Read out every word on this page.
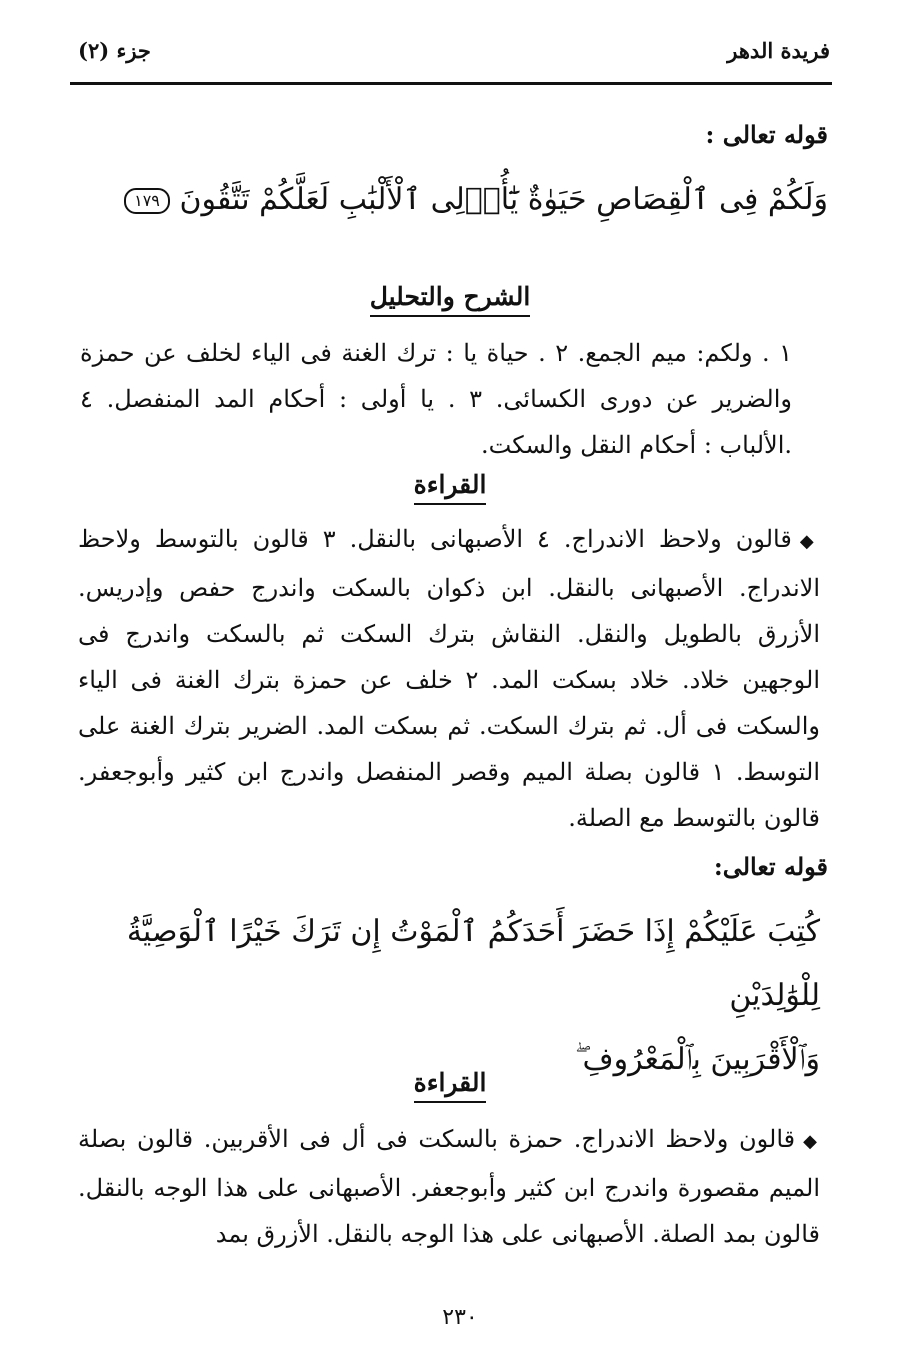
فريدة الدهر
جزء (٢)
قوله تعالى :
وَلَكُمْ فِى ٱلْقِصَاصِ حَيَوٰةٌ يَٰٓأُو۟لِى ٱلْأَلْبَٰبِ لَعَلَّكُمْ تَتَّقُونَ ١٧٩
الشرح والتحليل
١ . ولكم: ميم الجمع. ٢ . حياة يا : ترك الغنة فى الياء لخلف عن حمزة والضرير عن دورى الكسائى. ٣ . يا أولى : أحكام المد المنفصل. ٤ .الألباب : أحكام النقل والسكت.
القراءة
◆قالون ولاحظ الاندراج. ٤ الأصبهانى بالنقل. ٣ قالون بالتوسط ولاحظ الاندراج. الأصبهانى بالنقل. ابن ذكوان بالسكت واندرج حفص وإدريس. الأزرق بالطويل والنقل. النقاش بترك السكت ثم بالسكت واندرج فى الوجهين خلاد. خلاد بسكت المد. ٢ خلف عن حمزة بترك الغنة فى الياء والسكت فى أل. ثم بترك السكت. ثم بسكت المد. الضرير بترك الغنة على التوسط. ١ قالون بصلة الميم وقصر المنفصل واندرج ابن كثير وأبوجعفر. قالون بالتوسط مع الصلة.
قوله تعالى:
كُتِبَ عَلَيْكُمْ إِذَا حَضَرَ أَحَدَكُمُ ٱلْمَوْتُ إِن تَرَكَ خَيْرًا ٱلْوَصِيَّةُ لِلْوَٰلِدَيْنِ
وَٱلْأَقْرَبِينَ بِٱلْمَعْرُوفِ ۖ
القراءة
◆قالون ولاحظ الاندراج. حمزة بالسكت فى أل فى الأقربين. قالون بصلة الميم مقصورة واندرج ابن كثير وأبوجعفر. الأصبهانى على هذا الوجه بالنقل. قالون بمد الصلة. الأصبهانى على هذا الوجه بالنقل. الأزرق بمد
٢٣٠
